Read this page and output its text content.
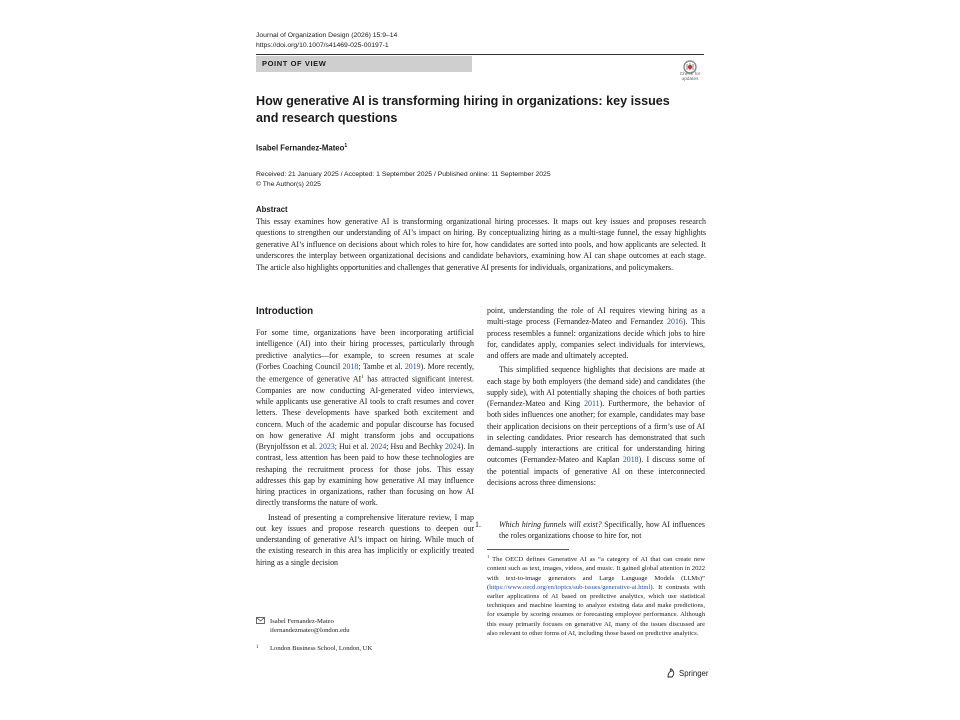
Journal of Organization Design (2026) 15:9–14
https://doi.org/10.1007/s41469-025-00197-1
POINT OF VIEW
Check for
updates
How generative AI is transforming hiring in organizations: key issues
and research questions
Isabel Fernandez-Mateo$^1$
Received: 21 January 2025 / Accepted: 1 September 2025 / Published online: 11 September 2025
© The Author(s) 2025
Abstract
This essay examines how generative AI is transforming organizational hiring processes. It maps out key issues and proposes research questions to strengthen our understanding of AI’s impact on hiring. By conceptualizing hiring as a multi-stage funnel, the essay highlights generative AI’s influence on decisions about which roles to hire for, how candidates are sorted into pools, and how applicants are selected. It underscores the interplay between organizational decisions and candidate behaviors, examining how AI can shape outcomes at each stage. The article also highlights opportunities and challenges that generative AI presents for individuals, organizations, and policymakers.
Introduction

For some time, organizations have been incorporating artificial intelligence (AI) into their hiring processes, particularly through predictive analytics—for example, to screen resumes at scale (Forbes Coaching Council 2018; Tambe et al. 2019). More recently, the emergence of generative $AI^1$ has attracted significant interest. Companies are now conducting AI-generated video interviews, while applicants use generative AI tools to craft resumes and cover letters. These developments have sparked both excitement and concern. Much of the academic and popular discourse has focused on how generative AI might transform jobs and occupations (Brynjolfsson et al. 2023; Hui et al. 2024; Hsu and Bechky 2024). In contrast, less attention has been paid to how these technologies are reshaping the recruitment process for those jobs. This essay addresses this gap by examining how generative AI may influence hiring practices in organizations, rather than focusing on how AI directly transforms the nature of work.

Instead of presenting a comprehensive literature review, I map out key issues and propose research questions to deepen our understanding of generative AI’s impact on hiring. While much of the existing research in this area has implicitly or explicitly treated hiring as a single decision

point, understanding the role of AI requires viewing hiring as a multi-stage process (Fernandez-Mateo and Fernandez 2016). This process resembles a funnel: organizations decide which jobs to hire for, candidates apply, companies select individuals for interviews, and offers are made and ultimately accepted.

This simplified sequence highlights that decisions are made at each stage by both employers (the demand side) and candidates (the supply side), with AI potentially shaping the choices of both parties (Fernandez-Mateo and King 2011). Furthermore, the behavior of both sides influences one another; for example, candidates may base their application decisions on their perceptions of a firm’s use of AI in selecting candidates. Prior research has demonstrated that such demand–supply interactions are critical for understanding hiring outcomes (Fernandez-Mateo and Kaplan 2018). I discuss some of the potential impacts of generative AI on these interconnected decisions across three dimensions:

1. Which hiring funnels will exist? Specifically, how AI influences the roles organizations choose to hire for, not

$^1$ The OECD defines Generative AI as “a category of AI that can create new content such as text, images, videos, and music. It gained global attention in 2022 with text-to-image generators and Large Language Models (LLMs)” (https://www.oecd.org/en/topics/sub-issues/generative-ai.html). It contrasts with earlier applications of AI based on predictive analytics, which use statistical techniques and machine learning to analyze existing data and make predictions, for example by scoring resumes or forecasting employee performance. Although this essay primarily focuses on generative AI, many of the issues discussed are also relevant to other forms of AI, including those based on predictive analytics.
Isabel Fernandez-Mateo
ifernandezmateo@london.edu
1 London Business School, London, UK
Springer
